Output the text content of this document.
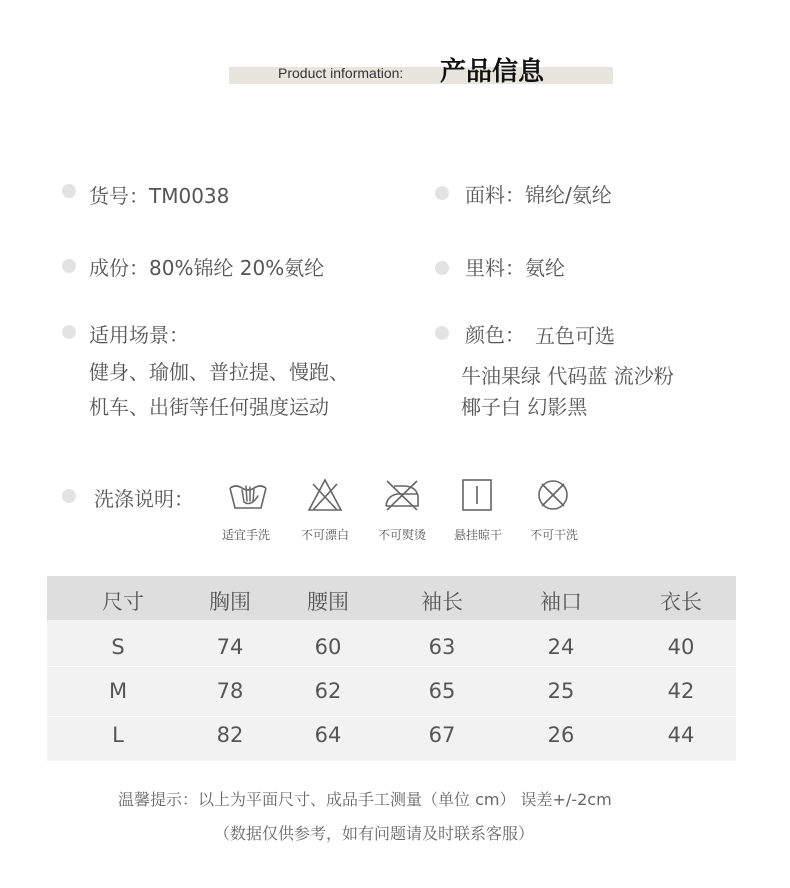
Product information: 产品信息
货号：TM0038
成份：80%锦纶 20%氨纶
适用场景：
健身、瑜伽、普拉提、慢跑、
机车、出街等任何强度运动
面料：锦纶/氨纶
里料：氨纶
颜色： 五色可选
牛油果绿 代码蓝 流沙粉
椰子白 幻影黑
洗涤说明：
适宜手洗	不可漂白	不可熨烫	悬挂晾干	不可干洗
尺寸	胸围	腰围	袖长	袖口	衣长
S	74	60	63	24	40
M	78	62	65	25	42
L	82	64	67	26	44
温馨提示：以上为平面尺寸、成品手工测量（单位 cm） 误差+/-2cm
（数据仅供参考，如有问题请及时联系客服）
